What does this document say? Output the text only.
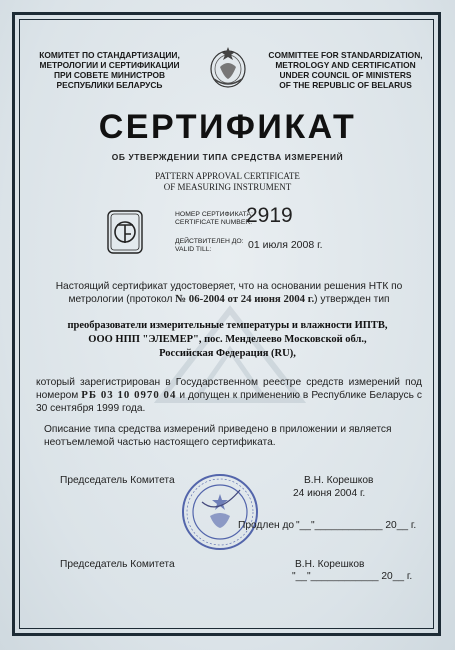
КОМИТЕТ ПО СТАНДАРТИЗАЦИИ,
МЕТРОЛОГИИ И СЕРТИФИКАЦИИ
ПРИ СОВЕТЕ МИНИСТРОВ
РЕСПУБЛИКИ БЕЛАРУСЬ
COMMITTEE FOR STANDARDIZATION,
METROLOGY AND CERTIFICATION
UNDER COUNCIL OF MINISTERS
OF THE REPUBLIC OF BELARUS
СЕРТИФИКАТ
ОБ УТВЕРЖДЕНИИ ТИПА СРЕДСТВА ИЗМЕРЕНИЙ
PATTERN APPROVAL CERTIFICATE
OF MEASURING INSTRUMENT
НОМЕР СЕРТИФИКАТА:
CERTIFICATE NUMBER:
2919
ДЕЙСТВИТЕЛЕН ДО:
VALID TILL:	01 июля 2008 г.
Настоящий сертификат удостоверяет, что на основании решения НТК по метрологии (протокол № 06-2004 от 24 июня 2004 г.) утвержден тип
преобразователи измерительные температуры и влажности ИПТВ,
ООО НПП "ЭЛЕМЕР", пос. Менделеево Московской обл.,
Российская Федерация (RU),
который зарегистрирован в Государственном реестре средств измерений под номером РБ 03 10 0970 04 и допущен к применению в Республике Беларусь с 30 сентября 1999 года.
Описание типа средства измерений приведено в приложении и является неотъемлемой частью настоящего сертификата.
Председатель Комитета	В.Н. Корешков
24 июня 2004 г.
Продлен до "__"____________ 20__ г.
Председатель Комитета	В.Н. Корешков
"__"____________ 20__ г.
